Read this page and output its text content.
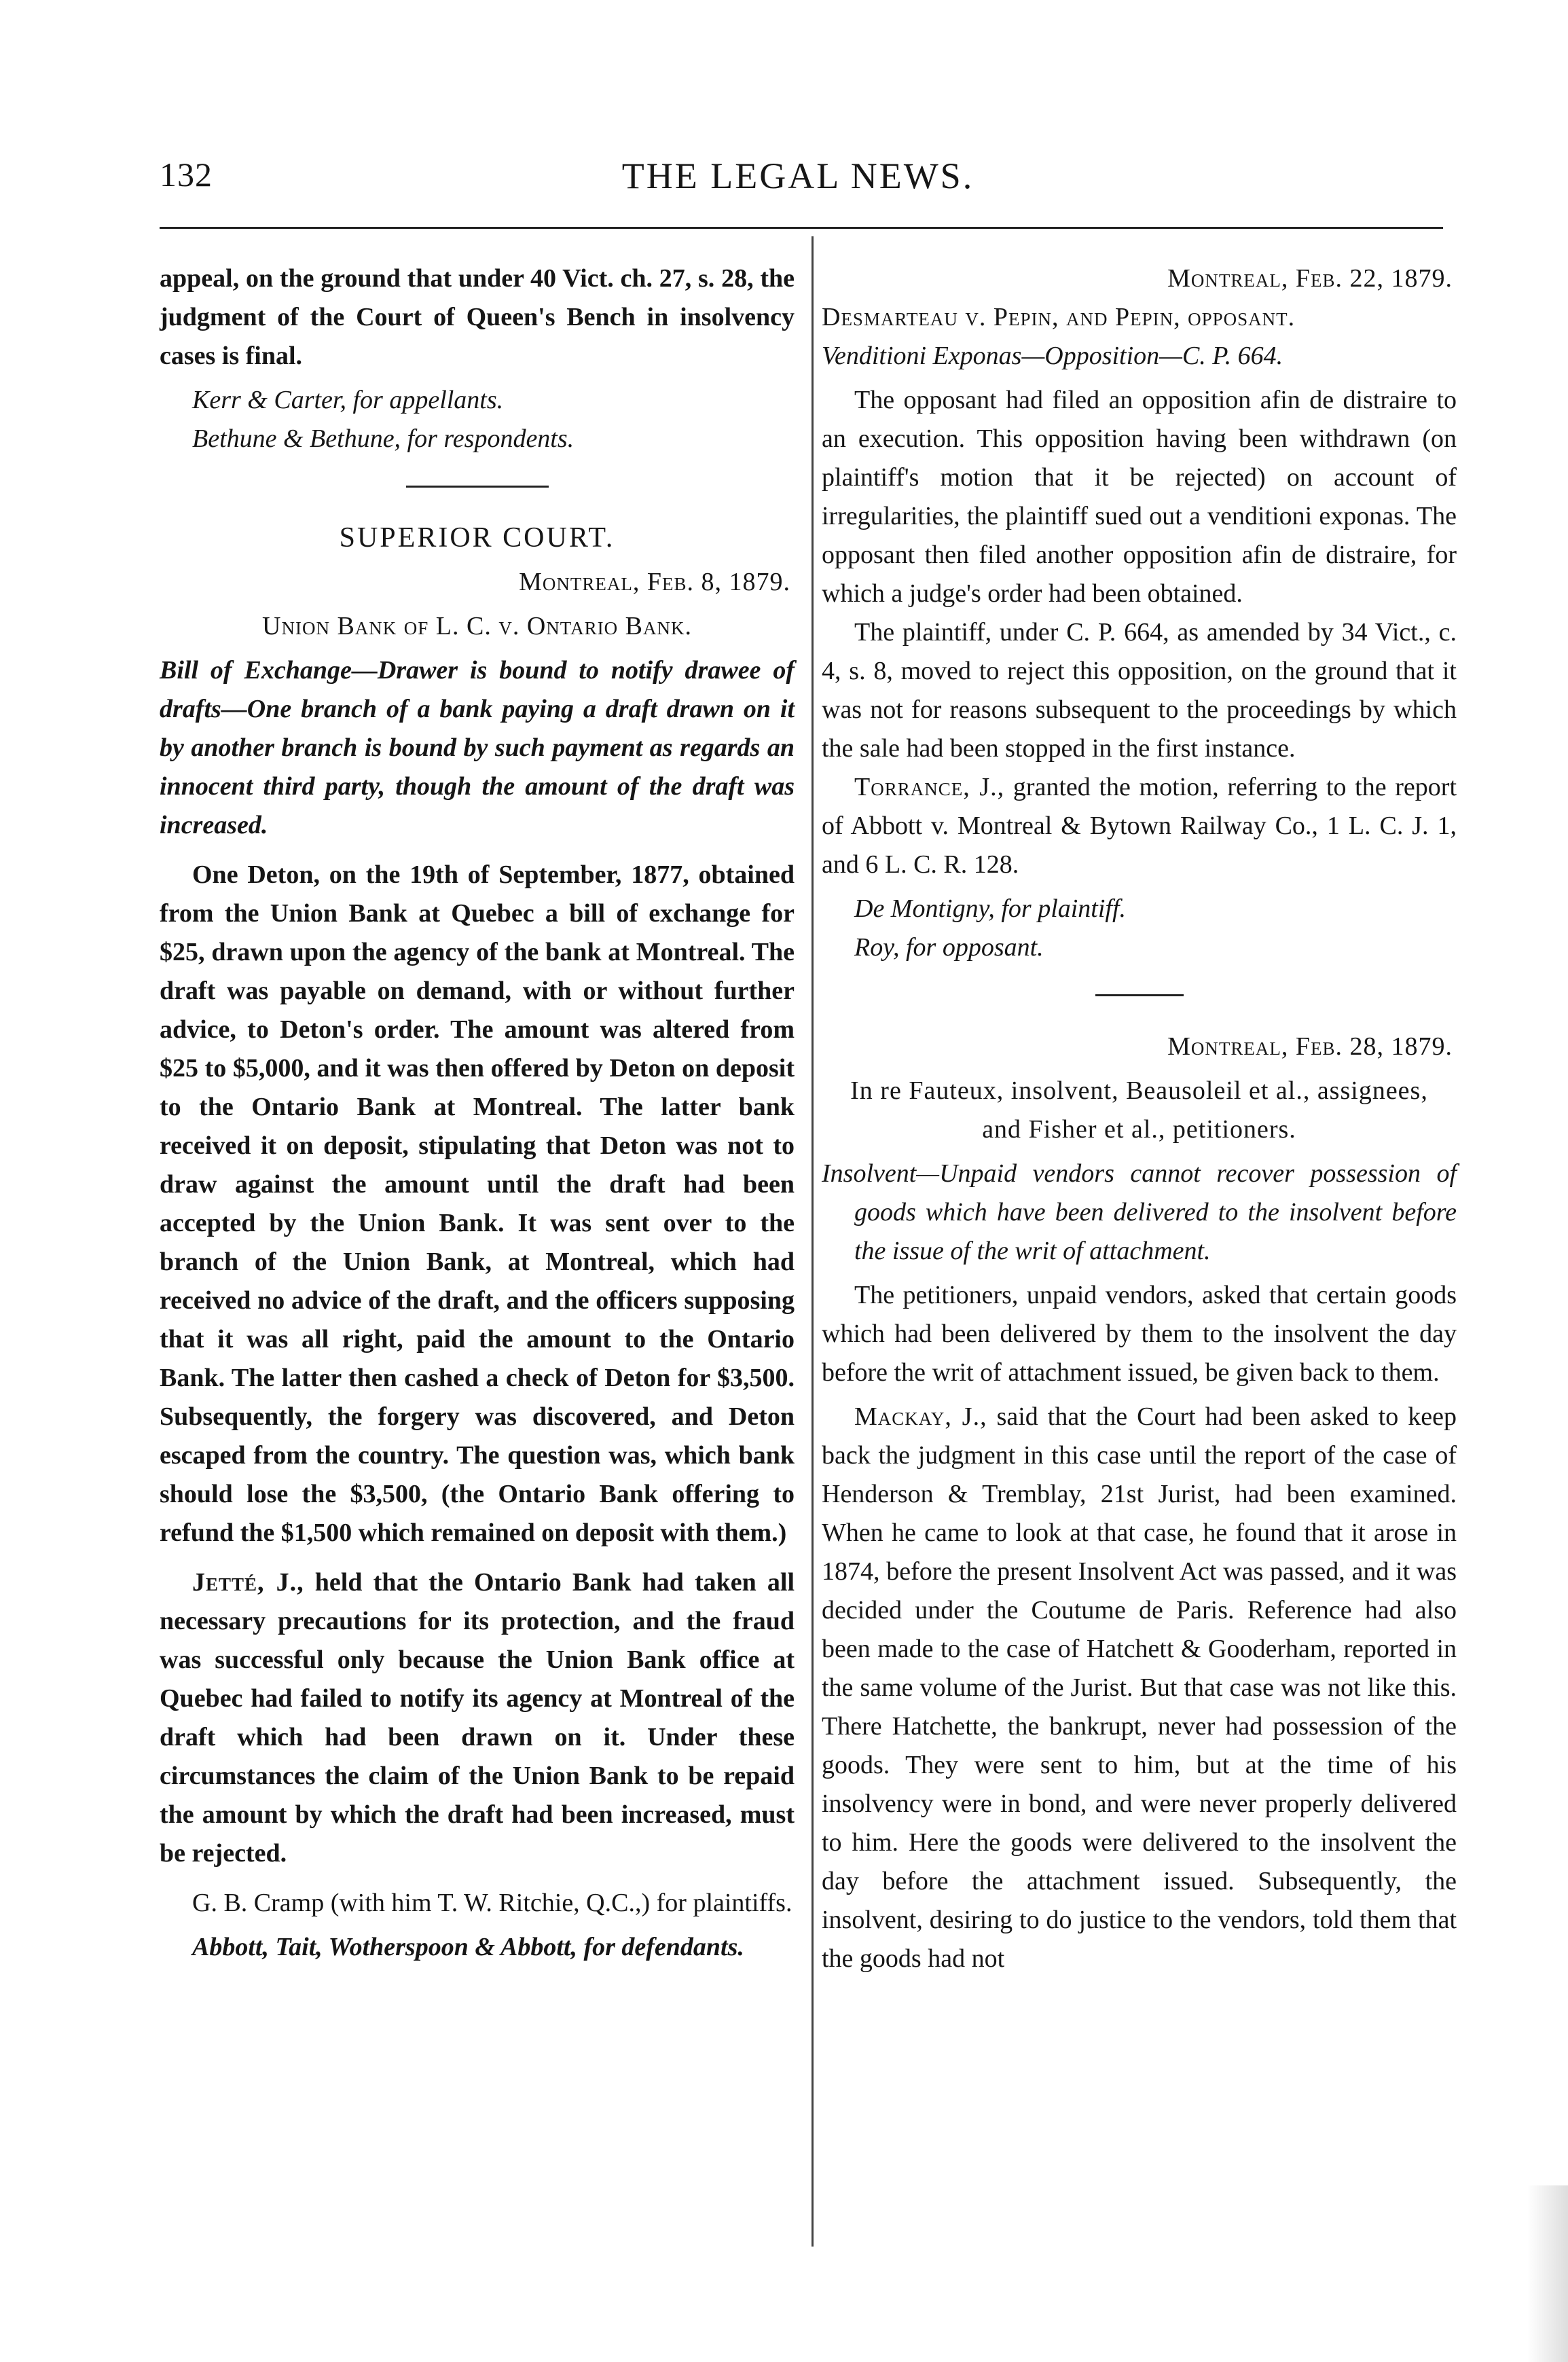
132	THE LEGAL NEWS.

appeal, on the ground that under 40 Vict. ch. 27, s. 28, the judgment of the Court of Queen's Bench in insolvency cases is final.

Kerr & Carter, for appellants.

Bethune & Bethune, for respondents.

SUPERIOR COURT.
Montreal, Feb. 8, 1879.
Union Bank of L. C. v. Ontario Bank.

Bill of Exchange—Drawer is bound to notify drawee of drafts—One branch of a bank paying a draft drawn on it by another branch is bound by such payment as regards an innocent third party, though the amount of the draft was increased.

One Deton, on the 19th of September, 1877, obtained from the Union Bank at Quebec a bill of exchange for $25, drawn upon the agency of the bank at Montreal. The draft was payable on demand, with or without further advice, to Deton's order. The amount was altered from $25 to $5,000, and it was then offered by Deton on deposit to the Ontario Bank at Montreal. The latter bank received it on deposit, stipulating that Deton was not to draw against the amount until the draft had been accepted by the Union Bank. It was sent over to the branch of the Union Bank, at Montreal, which had received no advice of the draft, and the officers supposing that it was all right, paid the amount to the Ontario Bank. The latter then cashed a check of Deton for $3,500. Subsequently, the forgery was discovered, and Deton escaped from the country. The question was, which bank should lose the $3,500, (the Ontario Bank offering to refund the $1,500 which remained on deposit with them.)

Jetté, J., held that the Ontario Bank had taken all necessary precautions for its protection, and the fraud was successful only because the Union Bank office at Quebec had failed to notify its agency at Montreal of the draft which had been drawn on it. Under these circumstances the claim of the Union Bank to be repaid the amount by which the draft had been increased, must be rejected.

G. B. Cramp (with him T. W. Ritchie, Q.C.,) for plaintiffs.

Abbott, Tait, Wotherspoon & Abbott, for defendants.

Montreal, Feb. 22, 1879.
Desmarteau v. Pepin, and Pepin, opposant.

Venditioni Exponas—Opposition—C. P. 664.

The opposant had filed an opposition afin de distraire to an execution. This opposition having been withdrawn (on plaintiff's motion that it be rejected) on account of irregularities, the plaintiff sued out a venditioni exponas. The opposant then filed another opposition afin de distraire, for which a judge's order had been obtained.

The plaintiff, under C. P. 664, as amended by 34 Vict., c. 4, s. 8, moved to reject this opposition, on the ground that it was not for reasons subsequent to the proceedings by which the sale had been stopped in the first instance.

Torrance, J., granted the motion, referring to the report of Abbott v. Montreal & Bytown Railway Co., 1 L. C. J. 1, and 6 L. C. R. 128.

De Montigny, for plaintiff.

Roy, for opposant.

Montreal, Feb. 28, 1879.
In re Fauteux, insolvent, Beausoleil et al., assignees, and Fisher et al., petitioners.

Insolvent—Unpaid vendors cannot recover possession of goods which have been delivered to the insolvent before the issue of the writ of attachment.

The petitioners, unpaid vendors, asked that certain goods which had been delivered by them to the insolvent the day before the writ of attachment issued, be given back to them.

Mackay, J., said that the Court had been asked to keep back the judgment in this case until the report of the case of Henderson & Tremblay, 21st Jurist, had been examined. When he came to look at that case, he found that it arose in 1874, before the present Insolvent Act was passed, and it was decided under the Coutume de Paris. Reference had also been made to the case of Hatchett & Gooderham, reported in the same volume of the Jurist. But that case was not like this. There Hatchette, the bankrupt, never had possession of the goods. They were sent to him, but at the time of his insolvency were in bond, and were never properly delivered to him. Here the goods were delivered to the insolvent the day before the attachment issued. Subsequently, the insolvent, desiring to do justice to the vendors, told them that the goods had not
